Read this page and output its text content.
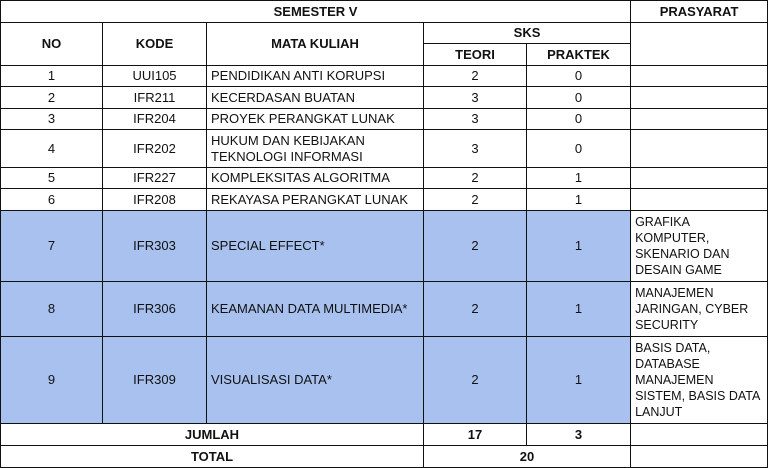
SEMESTER V					PRASYARAT
NO	KODE	MATA KULIAH	SKS		
			TEORI	PRAKTEK	
1	UUI105	PENDIDIKAN ANTI KORUPSI	2	0	
2	IFR211	KECERDASAN BUATAN	3	0	
3	IFR204	PROYEK PERANGKAT LUNAK	3	0	
4	IFR202	HUKUM DAN KEBIJAKAN TEKNOLOGI INFORMASI	3	0	
5	IFR227	KOMPLEKSITAS ALGORITMA	2	1	
6	IFR208	REKAYASA PERANGKAT LUNAK	2	1	
7	IFR303	SPECIAL EFFECT*	2	1	GRAFIKA KOMPUTER, SKENARIO DAN DESAIN GAME
8	IFR306	KEAMANAN DATA MULTIMEDIA*	2	1	MANAJEMEN JARINGAN, CYBER SECURITY
9	IFR309	VISUALISASI DATA*	2	1	BASIS DATA, DATABASE MANAJEMEN SISTEM, BASIS DATA LANJUT
JUMLAH			17	3	
TOTAL			20		
